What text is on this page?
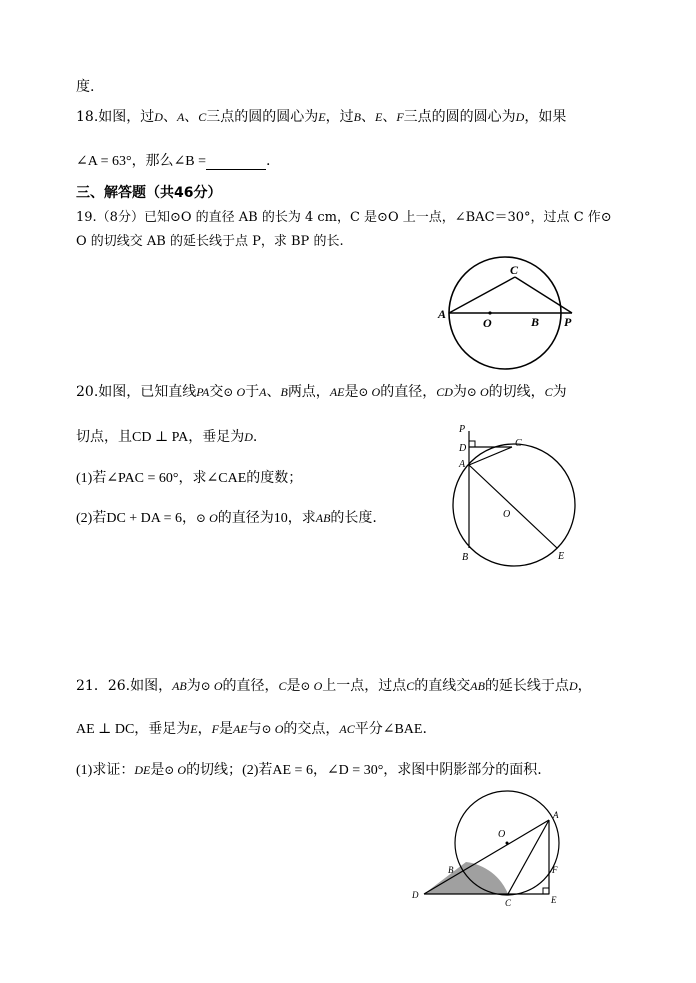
度.
18.如图，过D、A、C三点的圆的圆心为E，过B、E、F三点的圆的圆心为D，如果
∠A = 63°，那么∠B =	.
三、解答题（共46分）
19.（8分）已知⊙O 的直径 AB 的长为 4 cm，C 是⊙O 上一点，∠BAC＝30°，过点 C 作⊙
O 的切线交 AB 的延长线于点 P，求 BP 的长.
A
O	B P
C
20.如图，已知直线PA交⊙ O于A、B两点，AE是⊙ O的直径，CD为⊙ O的切线，C为
切点，且CD ⊥ PA，垂足为D.
(1)若∠PAC = 60°，求∠CAE的度数；
(2)若DC + DA = 6，⊙ O的直径为10，求AB的长度.
P
D	C
A
O
B	E
21．26.如图，AB为⊙ O的直径，C是⊙ O上一点，过点C的直线交AB的延长线于点D，
AE ⊥ DC，垂足为E，F是AE与⊙ O的交点，AC平分∠BAE.
(1)求证：DE是⊙ O的切线；(2)若AE = 6，∠D = 30°，求图中阴影部分的面积.
O
A
B	F
D
C	E
